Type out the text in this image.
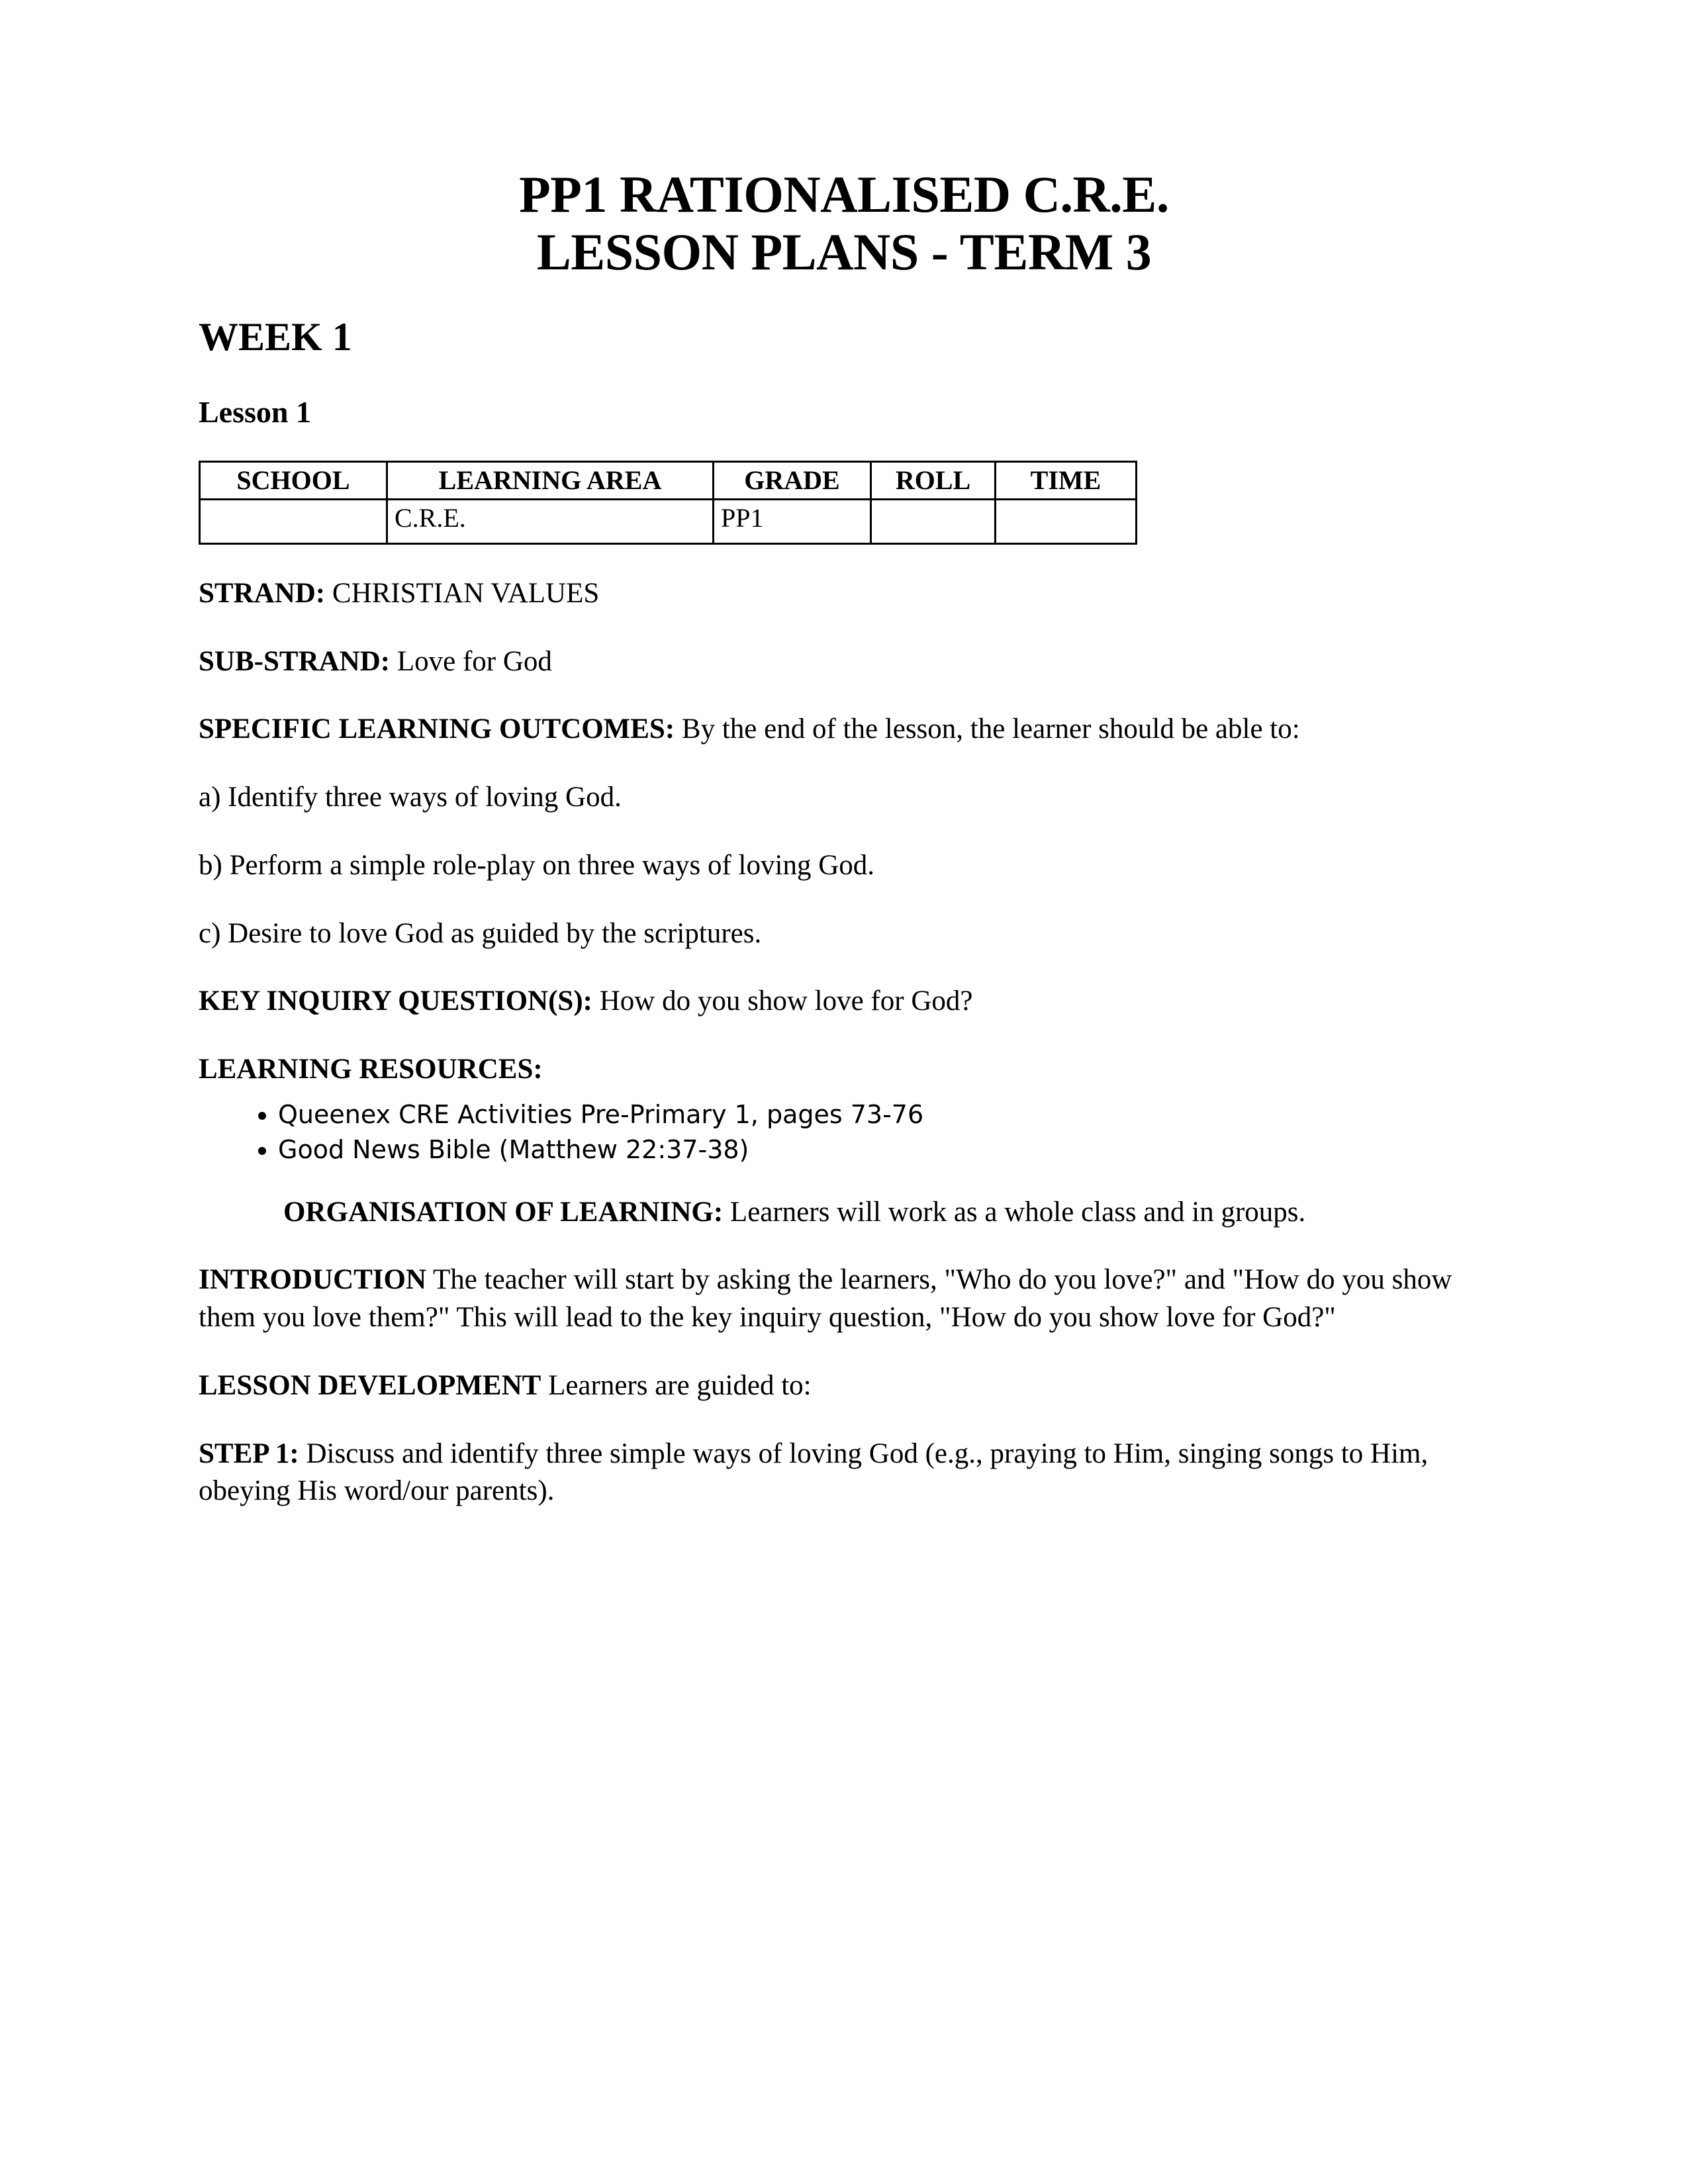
PP1 RATIONALISED C.R.E.
LESSON PLANS - TERM 3
WEEK 1
Lesson 1
SCHOOL	LEARNING AREA	GRADE	ROLL	TIME
	C.R.E.	PP1		

STRAND: CHRISTIAN VALUES

SUB-STRAND: Love for God

SPECIFIC LEARNING OUTCOMES: By the end of the lesson, the learner should be able to:

a) Identify three ways of loving God.

b) Perform a simple role-play on three ways of loving God.

c) Desire to love God as guided by the scriptures.

KEY INQUIRY QUESTION(S): How do you show love for God?

LEARNING RESOURCES:

• Queenex CRE Activities Pre-Primary 1, pages 73-76
• Good News Bible (Matthew 22:37-38)
ORGANISATION OF LEARNING: Learners will work as a whole class and in groups.

INTRODUCTION The teacher will start by asking the learners, "Who do you love?" and "How do you show them you love them?" This will lead to the key inquiry question, "How do you show love for God?"

LESSON DEVELOPMENT Learners are guided to:

STEP 1: Discuss and identify three simple ways of loving God (e.g., praying to Him, singing songs to Him, obeying His word/our parents).
